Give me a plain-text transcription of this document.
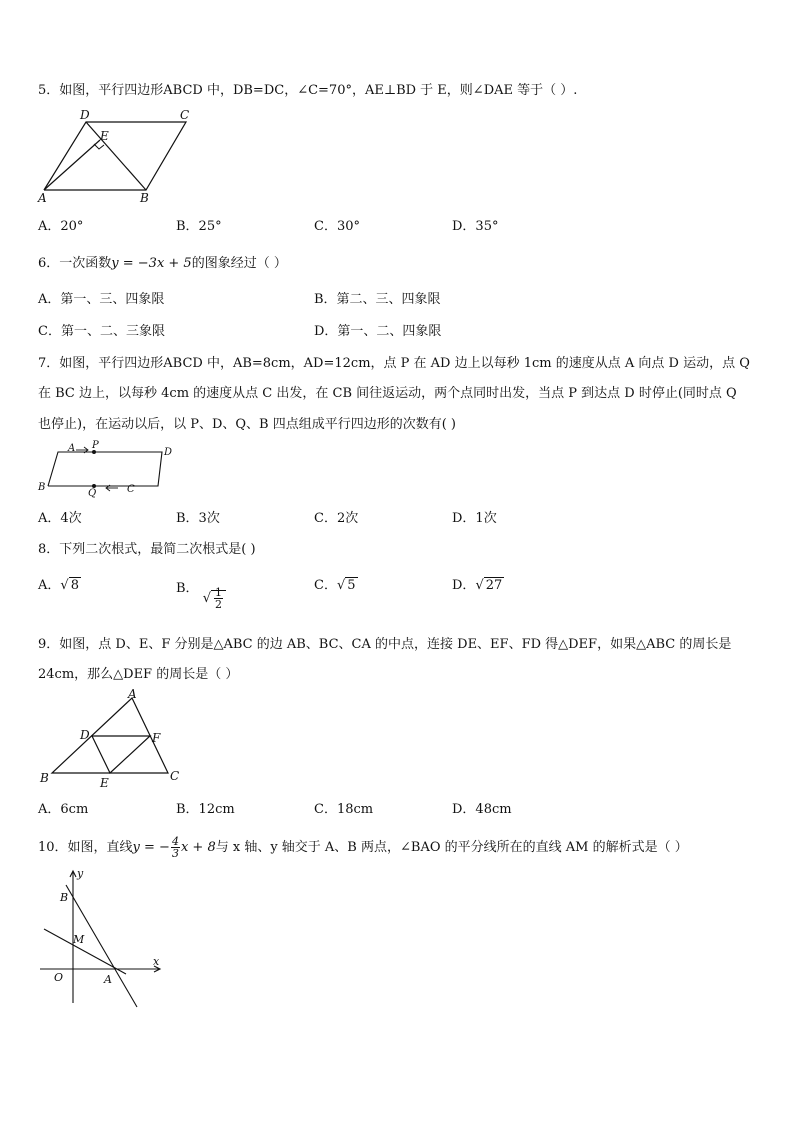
5．如图，平行四边形ABCD 中，DB=DC，∠C=70°，AE⊥BD 于 E，则∠DAE 等于（ ）.
A	B
C
D
E
A．20°	B．25°	C．30°	D．35°
6．一次函数y = −3x + 5的图象经过（ ）
A．第一、三、四象限	B．第二、三、四象限
C．第一、二、三象限	D．第一、二、四象限
7．如图，平行四边形ABCD 中，AB=8cm，AD=12cm，点 P 在 AD 边上以每秒 1cm 的速度从点 A 向点 D 运动，点 Q
在 BC 边上，以每秒 4cm 的速度从点 C 出发，在 CB 间往返运动，两个点同时出发，当点 P 到达点 D 时停止(同时点 Q
也停止)，在运动以后，以 P、D、Q、B 四点组成平行四边形的次数有( )
A P
D
B
Q	C
A．4次	B．3次	C．2次	D．1次
8．下列二次根式，最简二次根式是( )
A．√ 8	B． √ $\frac{1}{2}$
C．√ 5	D．√ 27
9．如图，点 D、E、F 分别是△ABC 的边 AB、BC、CA 的中点，连接 DE、EF、FD 得△DEF，如果△ABC 的周长是
24cm，那么△DEF 的周长是（ ）
A
B	C
D
E
F
A．6cm	B．12cm	C．18cm	D．48cm
10．如图，直线y = − $\frac{4}{3}$ x + 8与 x 轴、y 轴交于 A、B 两点，∠BAO 的平分线所在的直线 AM 的解析式是（ ）
y
B
M
x
O	A
